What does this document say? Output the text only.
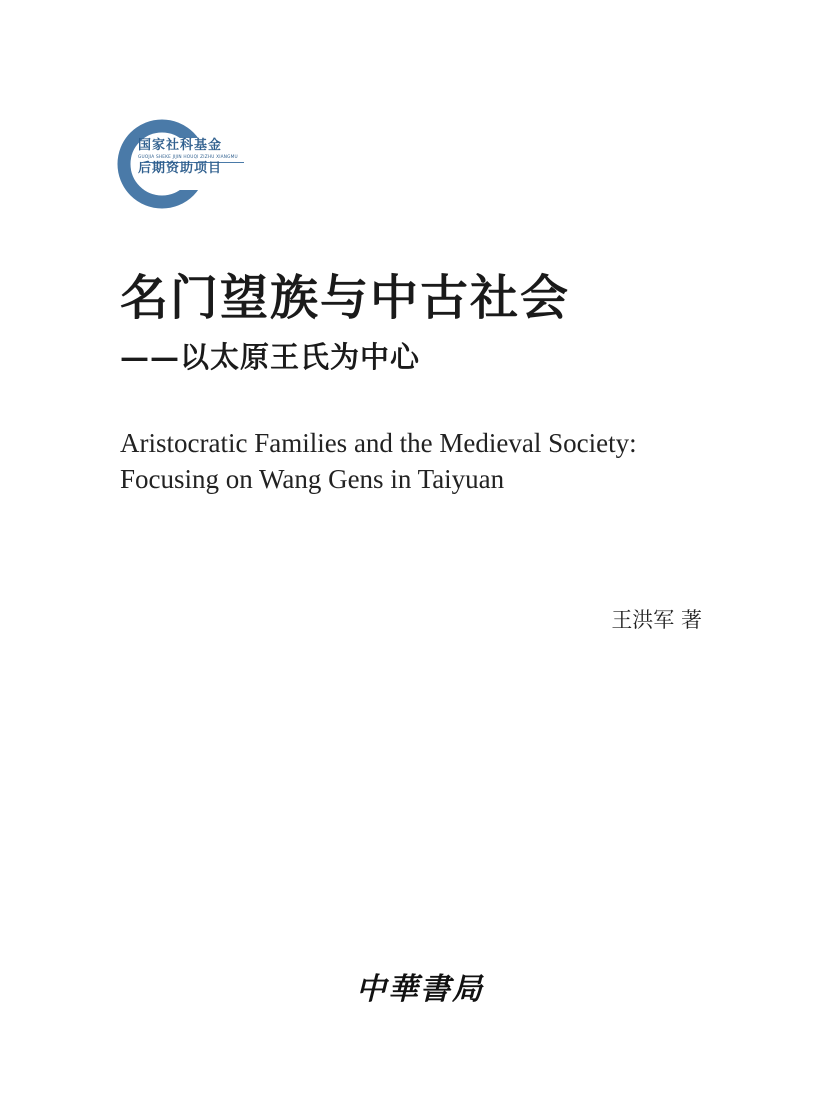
国家社科基金
GUOJIA SHEKE JIJIN HOUQI ZIZHU XIANGMU
后期资助项目
名门望族与中古社会
——以太原王氏为中心
Aristocratic Families and the Medieval Society:
Focusing on Wang Gens in Taiyuan
王洪军 著
中華書局
